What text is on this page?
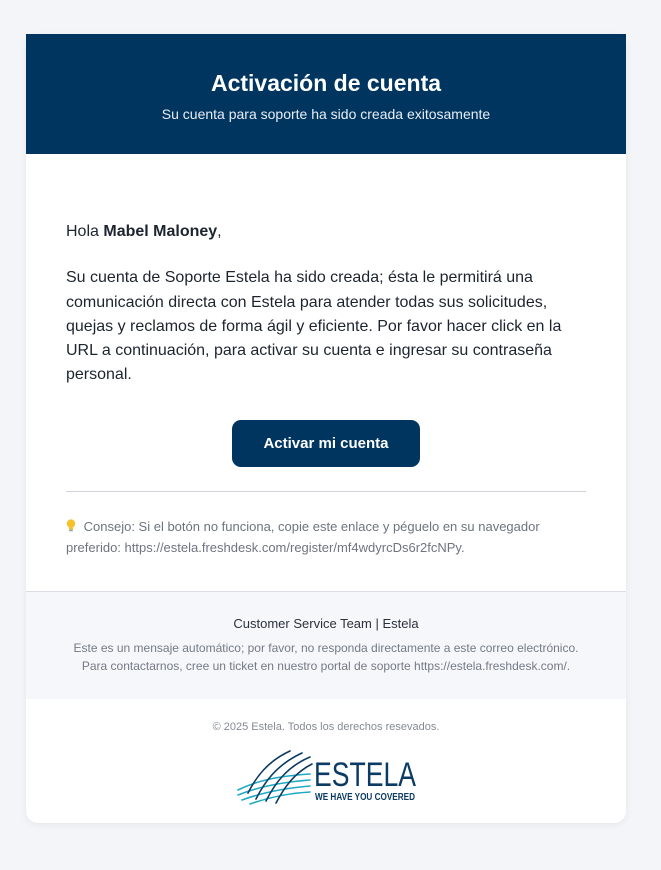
Activación de cuenta
Su cuenta para soporte ha sido creada exitosamente

Hola Mabel Maloney,

Su cuenta de Soporte Estela ha sido creada; ésta le permitirá una comunicación directa con Estela para atender todas sus solicitudes, quejas y reclamos de forma ágil y eficiente. Por favor hacer click en la URL a continuación, para activar su cuenta e ingresar su contraseña personal.

Activar mi cuenta
Consejo: Si el botón no funciona, copie este enlace y péguelo en su navegador preferido: https://estela.freshdesk.com/register/mf4wdyrcDs6r2fcNPy.
Customer Service Team | Estela
Este es un mensaje automático; por favor, no responda directamente a este correo electrónico.
Para contactarnos, cree un ticket en nuestro portal de soporte https://estela.freshdesk.com/.
© 2025 Estela. Todos los derechos resevados.
ESTELA
WE HAVE YOU COVERED
